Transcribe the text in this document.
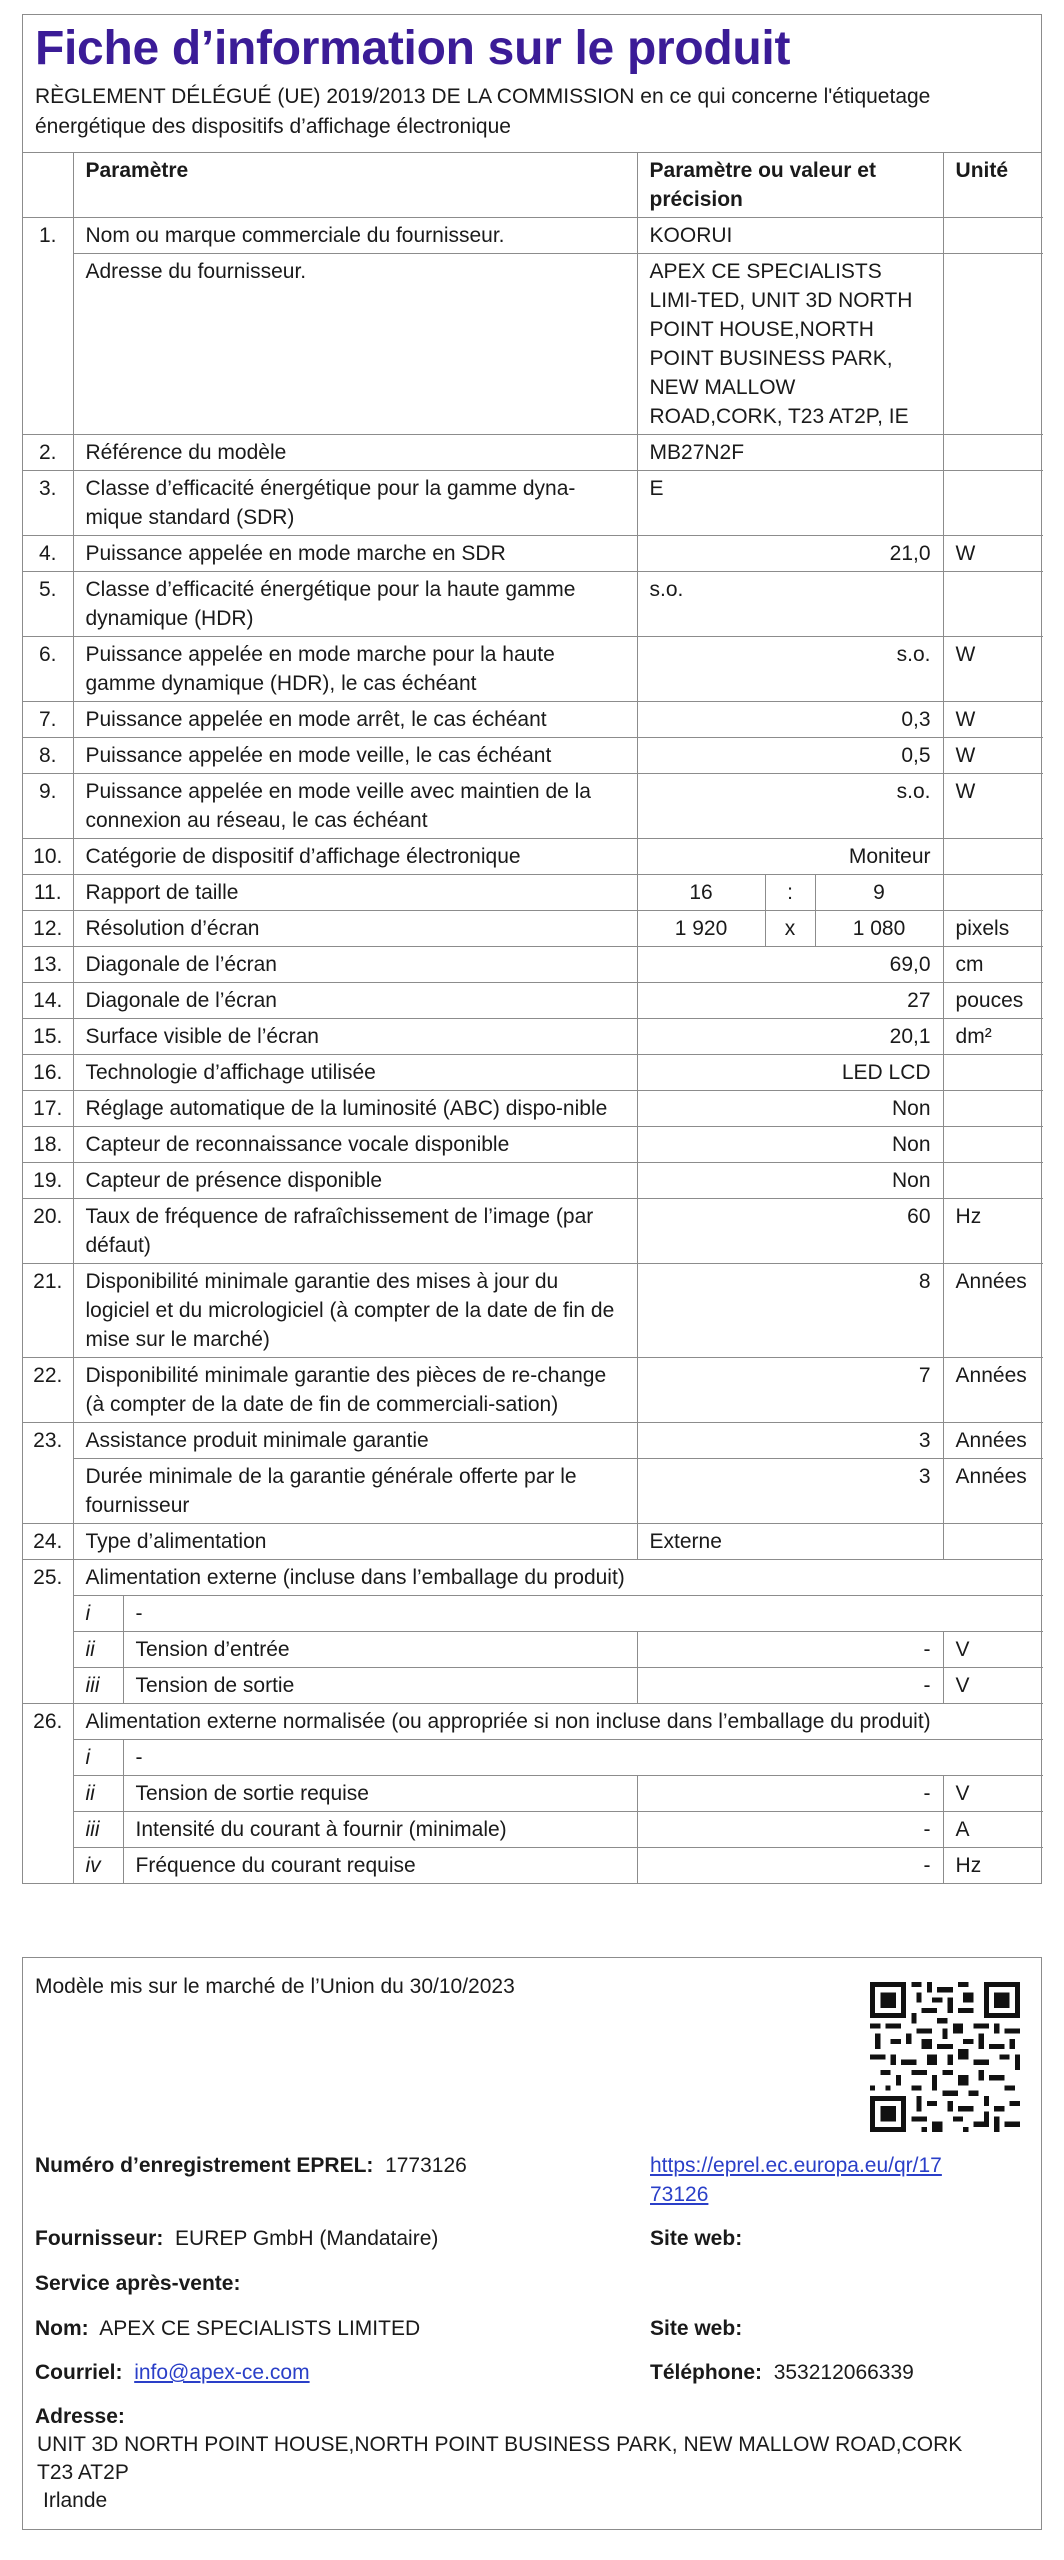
Fiche d’information sur le produit
RÈGLEMENT DÉLÉGUÉ (UE) 2019/2013 DE LA COMMISSION en ce qui concerne l'étiquetage énergétique des dispositifs d’affichage électronique
	Paramètre		Paramètre ou valeur et précision			Unité
1.	Nom ou marque commerciale du fournisseur.		KOORUI			
	Adresse du fournisseur.		APEX CE SPECIALISTS LIMI-TED, UNIT 3D NORTH POINT HOUSE,NORTH POINT BUSINESS PARK, NEW MALLOW ROAD,CORK, T23 AT2P, IE			
2.	Référence du modèle		MB27N2F			
3.	Classe d’efficacité énergétique pour la gamme dyna-mique standard (SDR)		E			
4.	Puissance appelée en mode marche en SDR		21,0			W
5.	Classe d’efficacité énergétique pour la haute gamme dynamique (HDR)		s.o.			
6.	Puissance appelée en mode marche pour la haute gamme dynamique (HDR), le cas échéant		s.o.			W
7.	Puissance appelée en mode arrêt, le cas échéant		0,3			W
8.	Puissance appelée en mode veille, le cas échéant		0,5			W
9.	Puissance appelée en mode veille avec maintien de la connexion au réseau, le cas échéant		s.o.			W
10.	Catégorie de dispositif d’affichage électronique		Moniteur			
11.	Rapport de taille		16	:	9	
12.	Résolution d’écran		1 920	x	1 080	pixels
13.	Diagonale de l’écran		69,0			cm
14.	Diagonale de l’écran		27			pouces
15.	Surface visible de l’écran		20,1			dm²
16.	Technologie d’affichage utilisée		LED LCD			
17.	Réglage automatique de la luminosité (ABC) dispo-nible		Non			
18.	Capteur de reconnaissance vocale disponible		Non			
19.	Capteur de présence disponible		Non			
20.	Taux de fréquence de rafraîchissement de l’image (par défaut)		60			Hz
21.	Disponibilité minimale garantie des mises à jour du logiciel et du micrologiciel (à compter de la date de fin de mise sur le marché)		8			Années
22.	Disponibilité minimale garantie des pièces de re-change (à compter de la date de fin de commerciali-sation)		7			Années
23.	Assistance produit minimale garantie		3			Années
	Durée minimale de la garantie générale offerte par le fournisseur		3			Années
24.	Type d’alimentation		Externe			
25.	Alimentation externe (incluse dans l’emballage du produit)					
	i	-				
	ii	Tension d’entrée	-			V
	iii	Tension de sortie	-			V
26.	Alimentation externe normalisée (ou appropriée si non incluse dans l’emballage du produit)					
	i	-				
	ii	Tension de sortie requise	-			V
	iii	Intensité du courant à fournir (minimale)	-			A
	iv	Fréquence du courant requise	-			Hz
Modèle mis sur le marché de l’Union du 30/10/2023
Numéro d’enregistrement EPREL: 1773126	https://eprel.ec.europa.eu/qr/17
73126
Fournisseur: EUREP GmbH (Mandataire)	Site web:
Service après-vente:
Nom: APEX CE SPECIALISTS LIMITED	Site web:
Courriel: info@apex-ce.com	Téléphone: 353212066339
Adresse:
UNIT 3D NORTH POINT HOUSE,NORTH POINT BUSINESS PARK, NEW MALLOW ROAD,CORK
T23 AT2P
Irlande
